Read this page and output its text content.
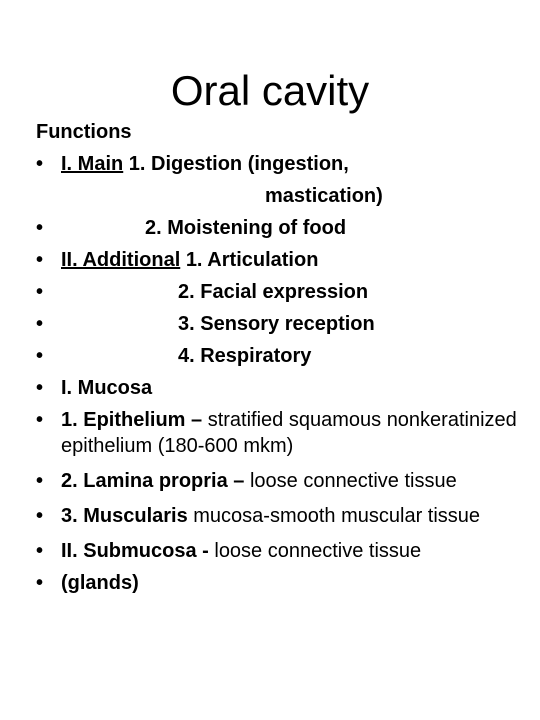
Oral cavity
Functions
• I. Main 1. Digestion (ingestion,
mastication)
•	2. Moistening of food
• II. Additional 1. Articulation
•	2. Facial expression
•	3. Sensory reception
•	4. Respiratory
• I. Mucosa
• 1. Epithelium – stratified squamous nonkeratinized epithelium (180-600 mkm)
• 2. Lamina propria – loose connective tissue
• 3. Muscularis mucosa-smooth muscular tissue
• II. Submucosa - loose connective tissue
• (glands)
